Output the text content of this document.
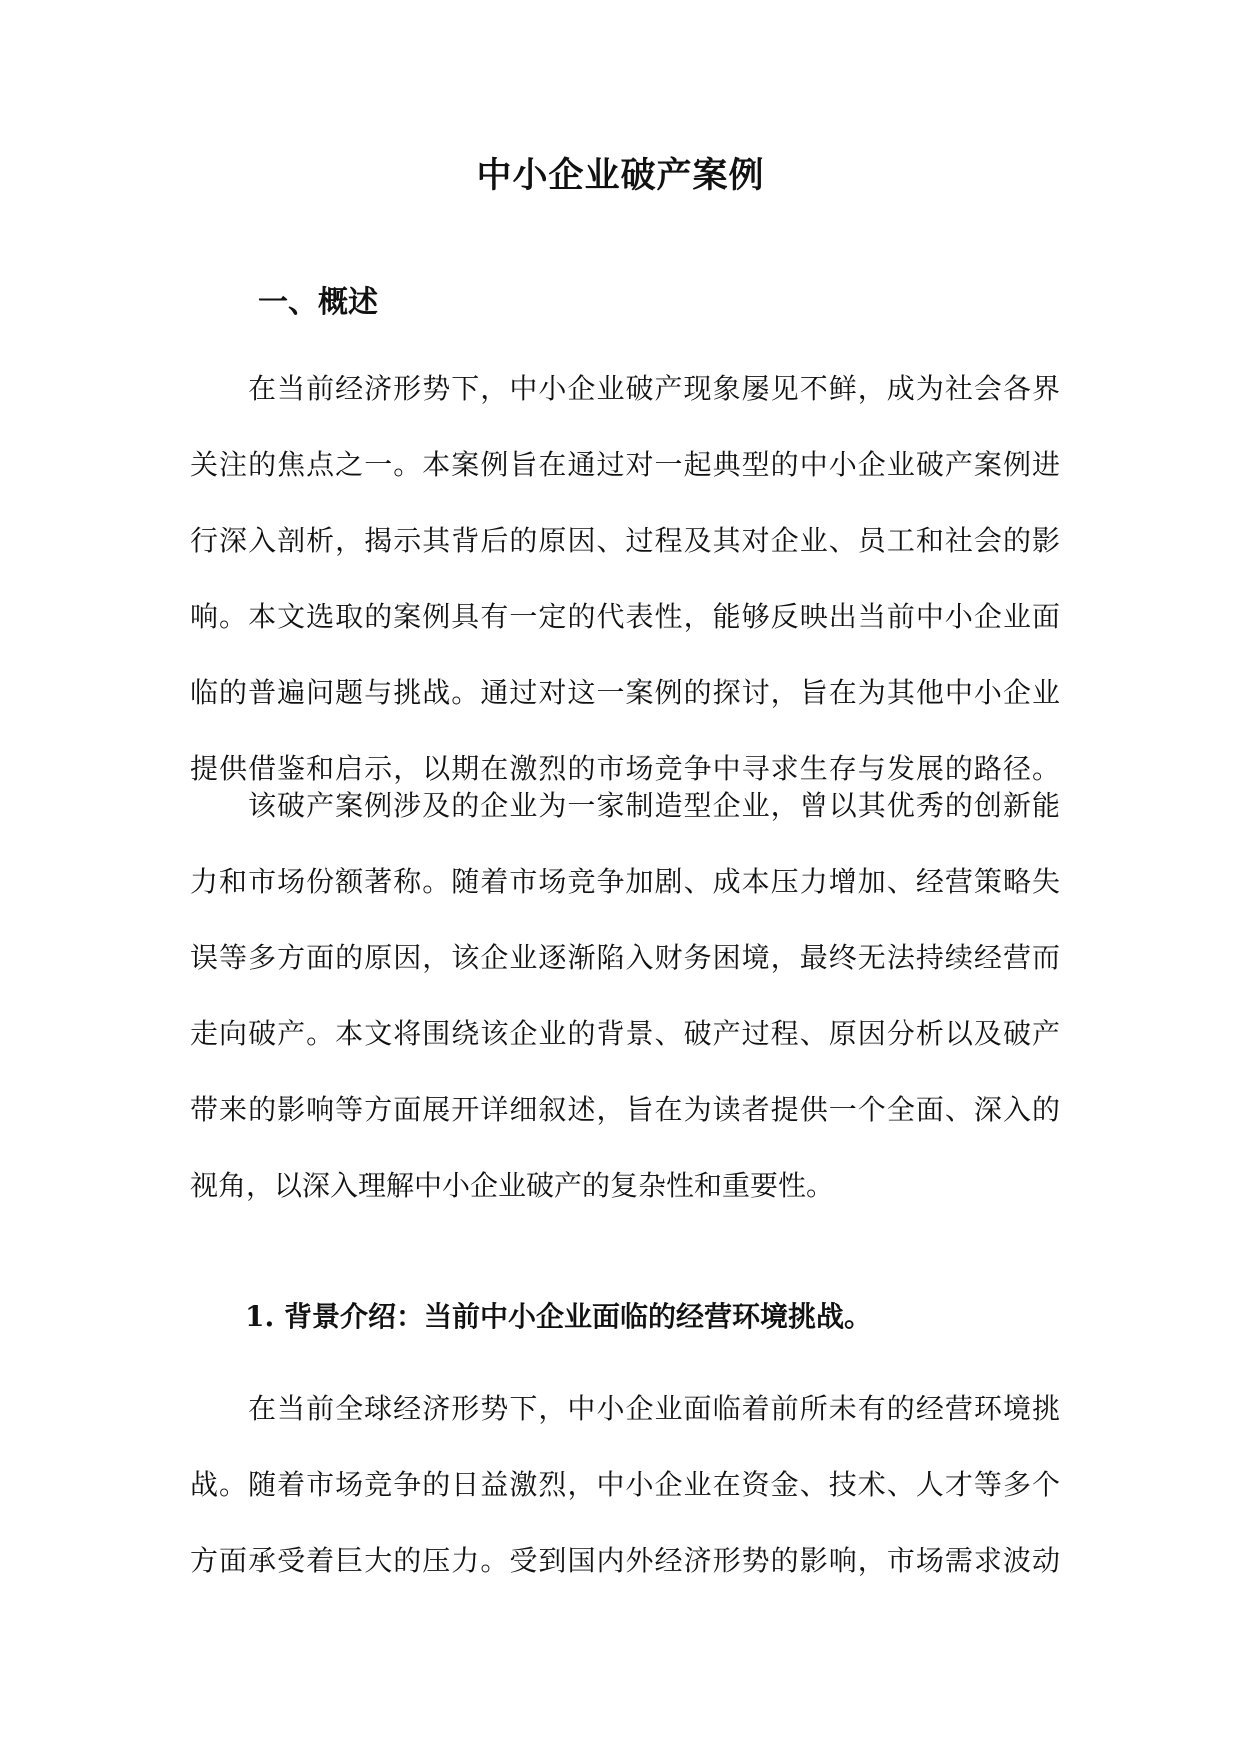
中小企业破产案例
一、概述
在当前经济形势下，中小企业破产现象屡见不鲜，成为社会各界
关注的焦点之一。本案例旨在通过对一起典型的中小企业破产案例进
行深入剖析，揭示其背后的原因、过程及其对企业、员工和社会的影
响。本文选取的案例具有一定的代表性，能够反映出当前中小企业面
临的普遍问题与挑战。通过对这一案例的探讨，旨在为其他中小企业
提供借鉴和启示，以期在激烈的市场竞争中寻求生存与发展的路径。
该破产案例涉及的企业为一家制造型企业，曾以其优秀的创新能
力和市场份额著称。随着市场竞争加剧、成本压力增加、经营策略失
误等多方面的原因，该企业逐渐陷入财务困境，最终无法持续经营而
走向破产。本文将围绕该企业的背景、破产过程、原因分析以及破产
带来的影响等方面展开详细叙述，旨在为读者提供一个全面、深入的
视角，以深入理解中小企业破产的复杂性和重要性。
1. 背景介绍：当前中小企业面临的经营环境挑战。
在当前全球经济形势下，中小企业面临着前所未有的经营环境挑
战。随着市场竞争的日益激烈，中小企业在资金、技术、人才等多个
方面承受着巨大的压力。受到国内外经济形势的影响，市场需求波动
